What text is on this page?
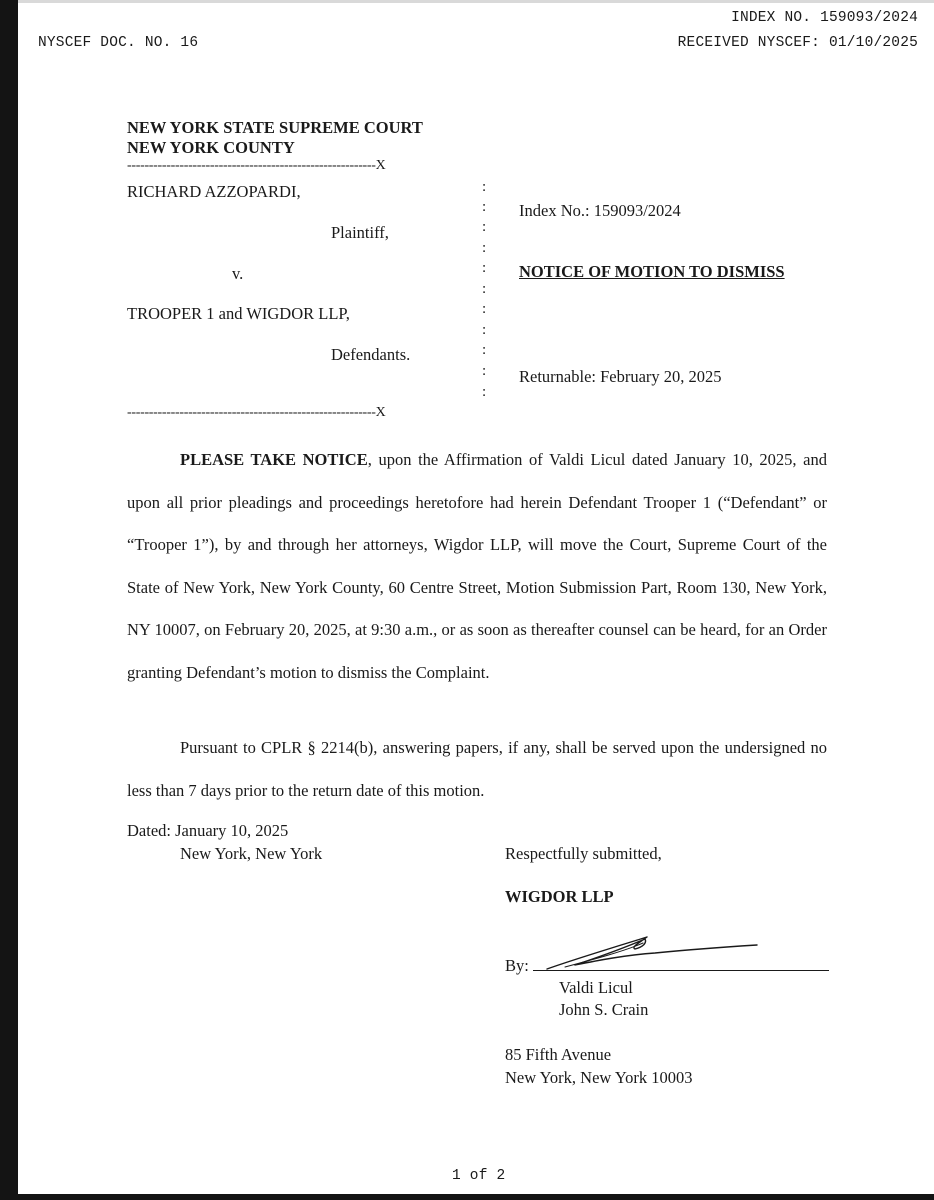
INDEX NO. 159093/2024
NYSCEF DOC. NO. 16	RECEIVED NYSCEF: 01/10/2025
NEW YORK STATE SUPREME COURT
NEW YORK COUNTY
---------------------------------------------------------X
RICHARD AZZOPARDI,
Plaintiff,
v.
TROOPER 1 and WIGDOR LLP,
Defendants.
---------------------------------------------------------X
:
:
:
:
:
:
:
:
:
:
:
Index No.: 159093/2024
NOTICE OF MOTION TO DISMISS
Returnable: February 20, 2025

PLEASE TAKE NOTICE, upon the Affirmation of Valdi Licul dated January 10, 2025, and upon all prior pleadings and proceedings heretofore had herein Defendant Trooper 1 (“Defendant” or “Trooper 1”), by and through her attorneys, Wigdor LLP, will move the Court, Supreme Court of the State of New York, New York County, 60 Centre Street, Motion Submission Part, Room 130, New York, NY 10007, on February 20, 2025, at 9:30 a.m., or as soon as thereafter counsel can be heard, for an Order granting Defendant’s motion to dismiss the Complaint.

Pursuant to CPLR § 2214(b), answering papers, if any, shall be served upon the undersigned no less than 7 days prior to the return date of this motion.

Dated: January 10, 2025
New York, New York	Respectfully submitted,
WIGDOR LLP
By:
Valdi Licul
John S. Crain
85 Fifth Avenue
New York, New York 10003
1 of 2
